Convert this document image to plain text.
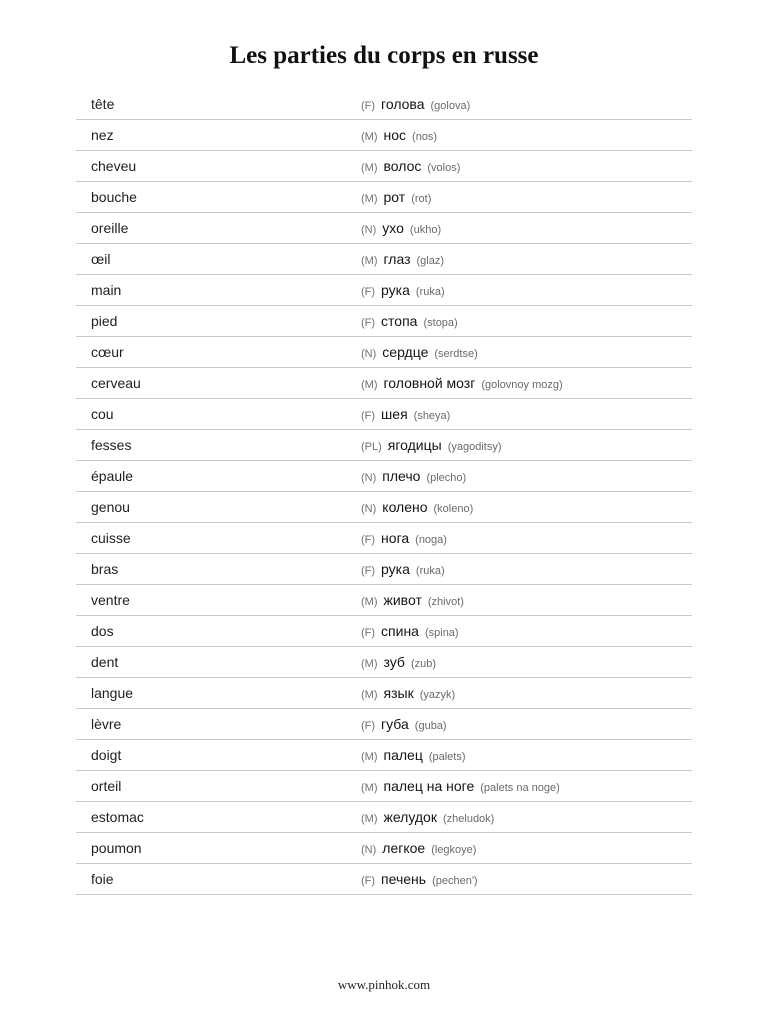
Les parties du corps en russe
tête	(F) голова (golova)
nez	(M) нос (nos)
cheveu	(M) волос (volos)
bouche	(M) рот (rot)
oreille	(N) ухо (ukho)
œil	(M) глаз (glaz)
main	(F) рука (ruka)
pied	(F) стопа (stopa)
cœur	(N) сердце (serdtse)
cerveau	(M) головной мозг (golovnoy mozg)
cou	(F) шея (sheya)
fesses	(PL) ягодицы (yagoditsy)
épaule	(N) плечо (plecho)
genou	(N) колено (koleno)
cuisse	(F) нога (noga)
bras	(F) рука (ruka)
ventre	(M) живот (zhivot)
dos	(F) спина (spina)
dent	(M) зуб (zub)
langue	(M) язык (yazyk)
lèvre	(F) губа (guba)
doigt	(M) палец (palets)
orteil	(M) палец на ноге (palets na noge)
estomac	(M) желудок (zheludok)
poumon	(N) легкое (legkoye)
foie	(F) печень (pechen')
www.pinhok.com
